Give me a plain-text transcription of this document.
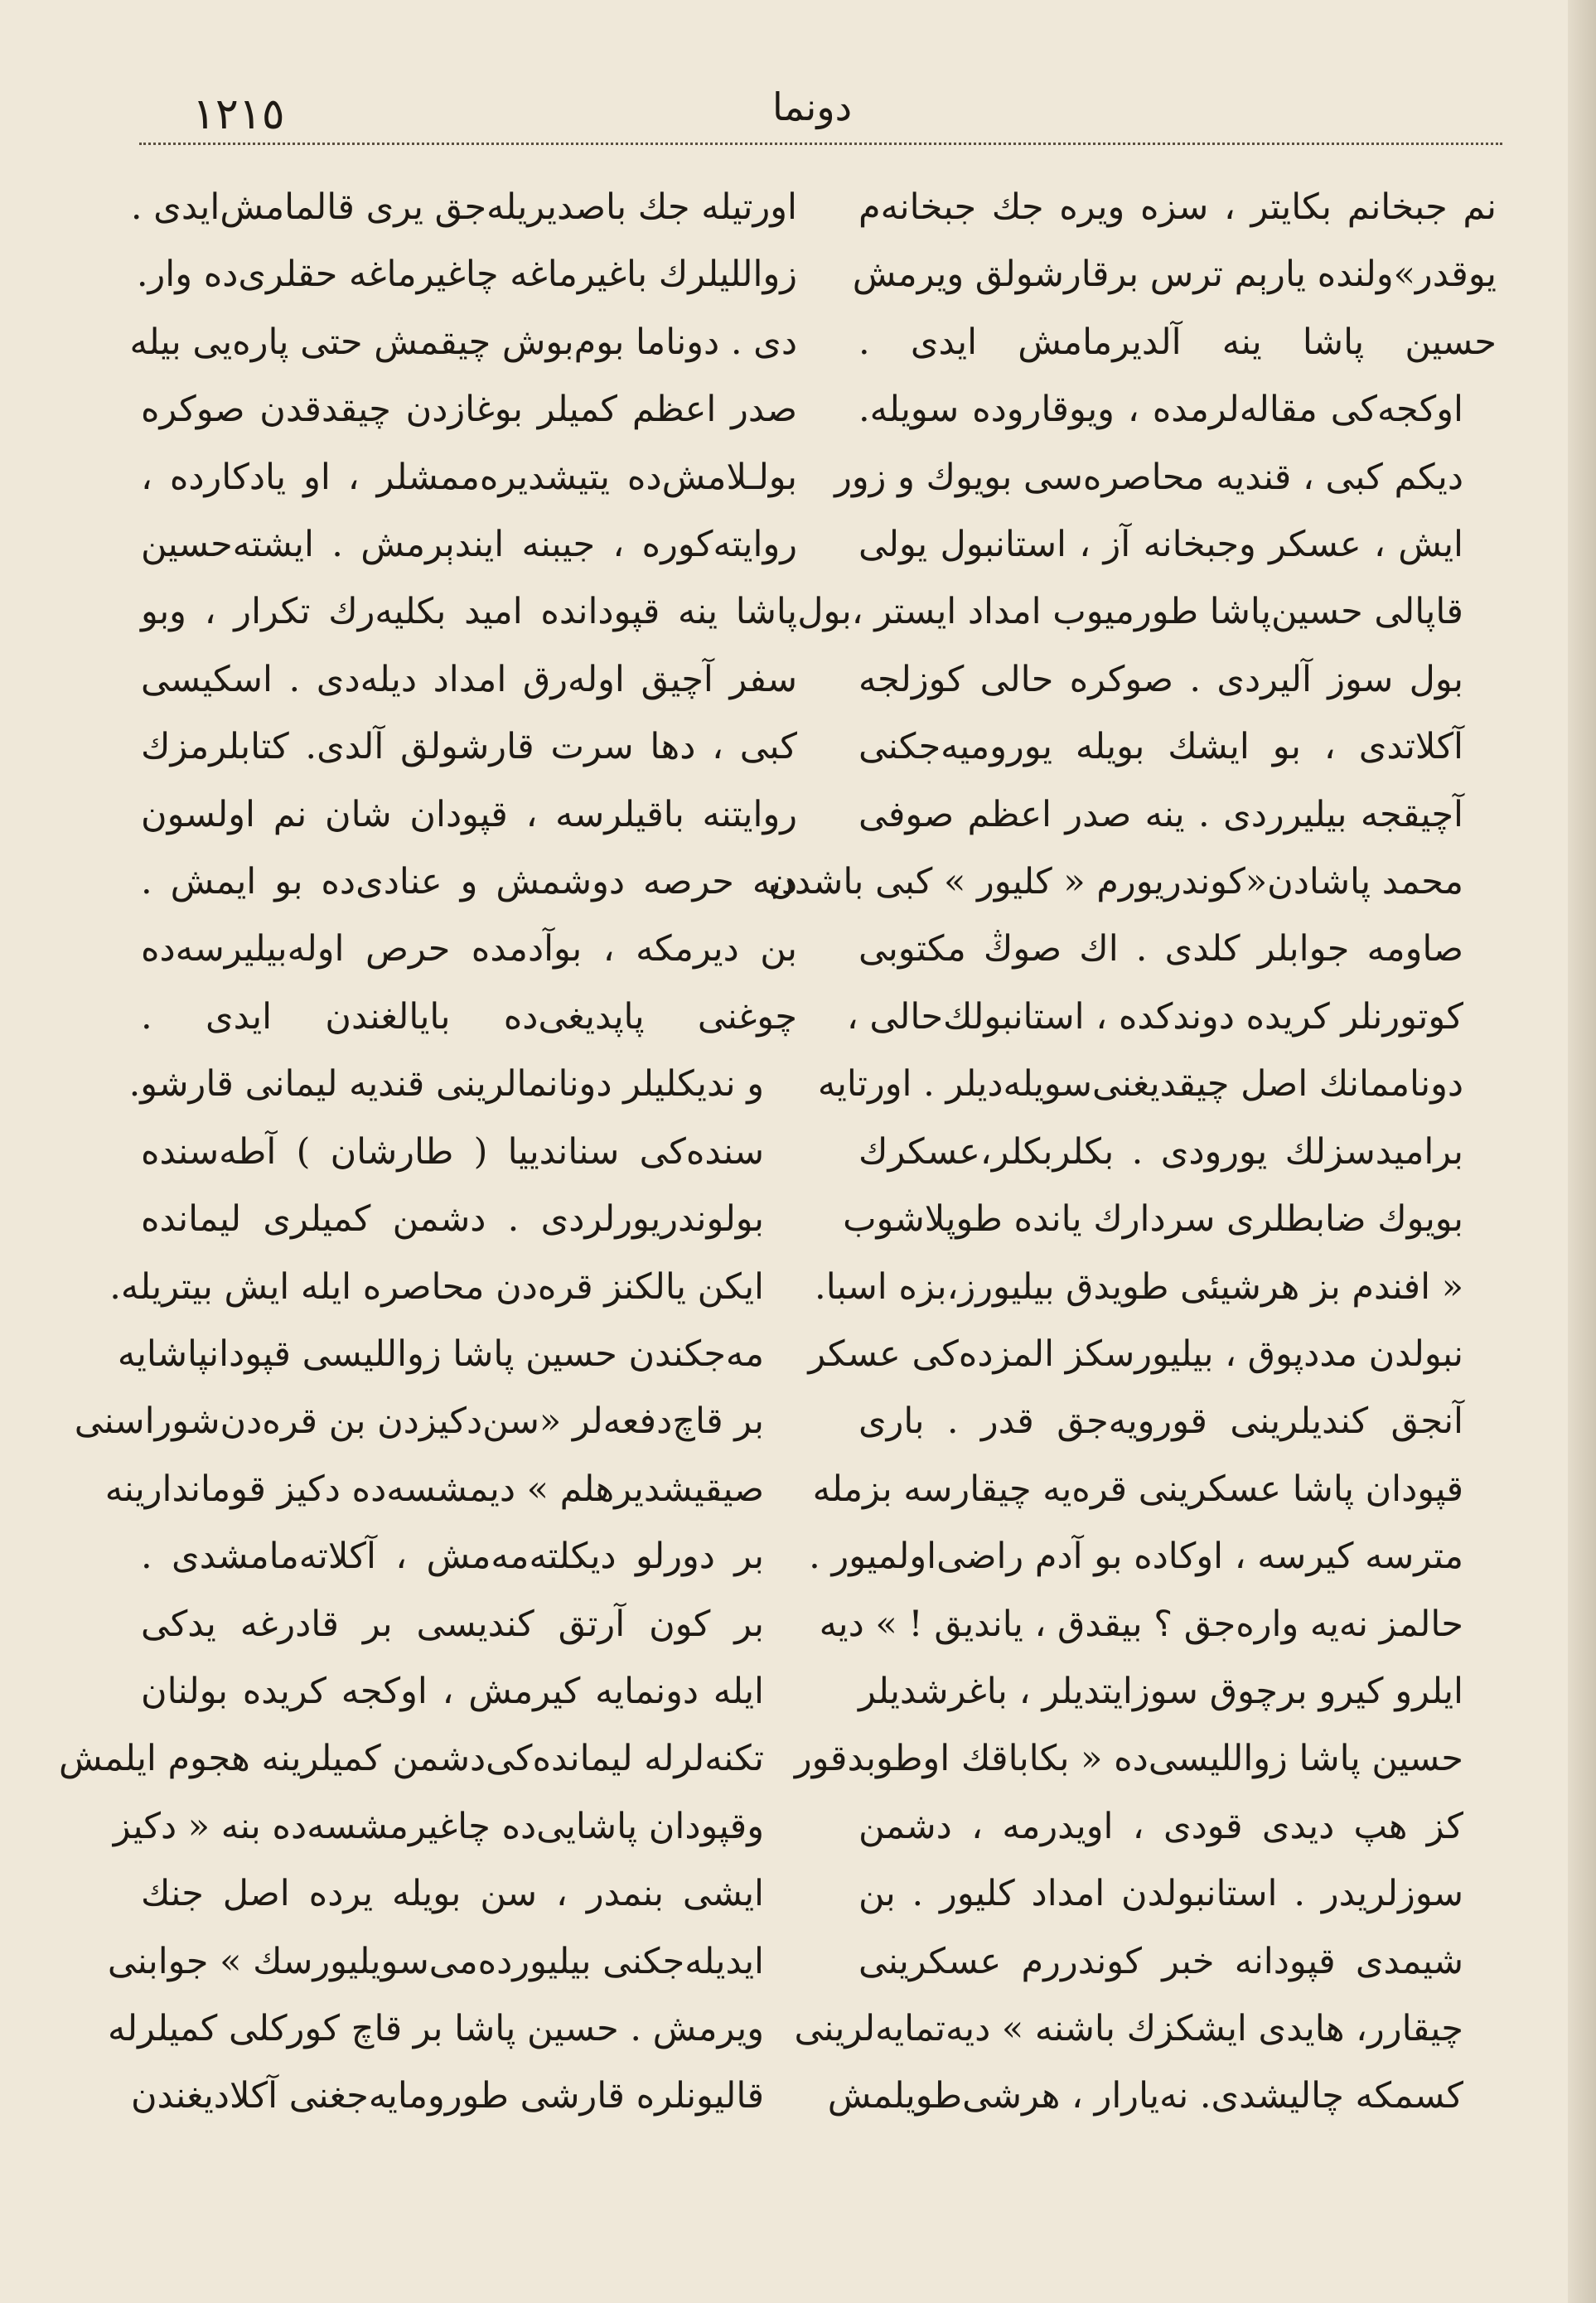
١٢١٥	دونما

نم جبخانم بکايتر ، سزه ويره جك جبخانه‌م
يوقدر»ولنده يارېم ترس برقارشولق ويرمش
حسين پاشا ينه آلديرمامش ايدی .

اوکجه‌کی مقاله‌لرمده ، ويوقاروده سويله‌.
ديکم کبی ، قنديه محاصره‌سی بويوك و زور
ايش ، عسکر وجبخانه آز ، استانبول يولی
قاپالی حسين‌پاشا طورميوب امداد ايستر ،بول
بول سوز آليردی . صوکره حالی کوزلجه
آکلاتدی ، بو ايشك بويله يوروميه‌جکنی
آچيقجه بيليرردی . ينه صدر اعظم صوفی
محمد پاشادن«کوندريورم « کليور » کبی باشدن
صاومه جوابلر کلدی . اك صوڭ مکتوبی
کوتورنلر کريده دوندکده ، استانبولك‌حالی ،
دوناممانك اصل چيقديغنی‌سويله‌ديلر . اورتايه
براميدسزلك يورودی . بکلربکلر،عسکرك
بويوك ضابطلری سردارك يانده طوپلاشوب
« افندم بز هرشيئی طويدق بيليورز،بزه اسبا.
نبولدن مددپوق ، بيليورسکز المزده‌کی عسکر
آنجق کنديلرينی قورويه‌جق قدر . باری
قپودان پاشا عسکرينی قره‌يه چيقارسه بزمله
مترسه کيرسه ، اوکاده بو آدم راضی‌اولميور .
حالمز نه‌يه واره‌جق ؟ بيقدق ، يانديق ! » ديه
ايلرو کيرو برچوق سوزايتديلر ، باغرشديلر
حسين پاشا زوالليسی‌ده « بکاباقك اوطوبدقور
کز هپ ديدی قودی ، اويدرمه ، دشمن
سوزلريدر . استانبولدن امداد کليور . بن
شيمدی قپودانه خبر کوندررم عسکرينی
چيقارر، هايدی ايشکزك باشنه » ديه‌تمايه‌لرينی
کسمکه چاليشدی. نه‌يارار ، هرشی‌طويلمش

اورتيله جك باصديريله‌جق يری قالمامش‌ايدی .
زوالليلرك باغيرماغه چاغيرماغه حقلری‌ده وار.
دی . دوناما بوم‌بوش چيقمش حتی پاره‌يی بيله
صدر اعظم کميلر بوغازدن چيقدقدن صوکره
بولـلامش‌ده يتيشديره‌ممشلر ، او يادکارده ،
روايته‌کوره ، جيبنه ايندېرمش . ايشته‌حسين
پاشا ينه قپودانده اميد بکليه‌رك تکرار ، وبو
سفر آچيق اوله‌رق امداد ديله‌دی . اسکيسی
کبی ، دها سرت قارشولق آلدی. کتابلرمزك
روايتنه باقيلرسه ، قپودان شان نم اولسون
ديه حرصه دوشمش و عنادی‌ده بو ايمش .
بن ديرمکه ، بوآدمده حرص اوله‌بيليرسه‌ده
چوغنی پاپديغی‌ده بايالغندن ايدی .

و نديکليلر دونانمالرينی قنديه ليمانی قارشو.
سنده‌کی سناندييا ( طارشان ) آطه‌سنده
بولوندريورلردی . دشمن کميلری ليمانده
ايکن يالکنز قره‌دن محاصره ايله ايش بيتريله.
مه‌جکندن حسين پاشا زوالليسی قپودانپاشايه
بر قاچ‌دفعه‌لر «سن‌دکيزدن بن قره‌دن‌شوراسنی
صيقيشديرهلم » ديمشسه‌ده دکيز قوماندارينه
بر دورلو ديکلته‌مه‌مش ، آکلاته‌مامشدی .

بر کون آرتق کنديسی بر قادرغه يدکی
ايله دونمايه کيرمش ، اوکجه کريده بولنان
تکنه‌لرله ليمانده‌کی‌دشمن کميلرينه هجوم ايلمش
وقپودان پاشايی‌ده چاغيرمشسه‌ده بنه « دکيز
ايشی بنمدر ، سن بويله يرده اصل جنك
ايديله‌جکنی بيليورده‌می‌سويليورسك » جوابنی
ويرمش . حسين پاشا بر قاچ کورکلی کميلرله
قاليونلره قارشی طورومايه‌جغنی آکلاديغندن
